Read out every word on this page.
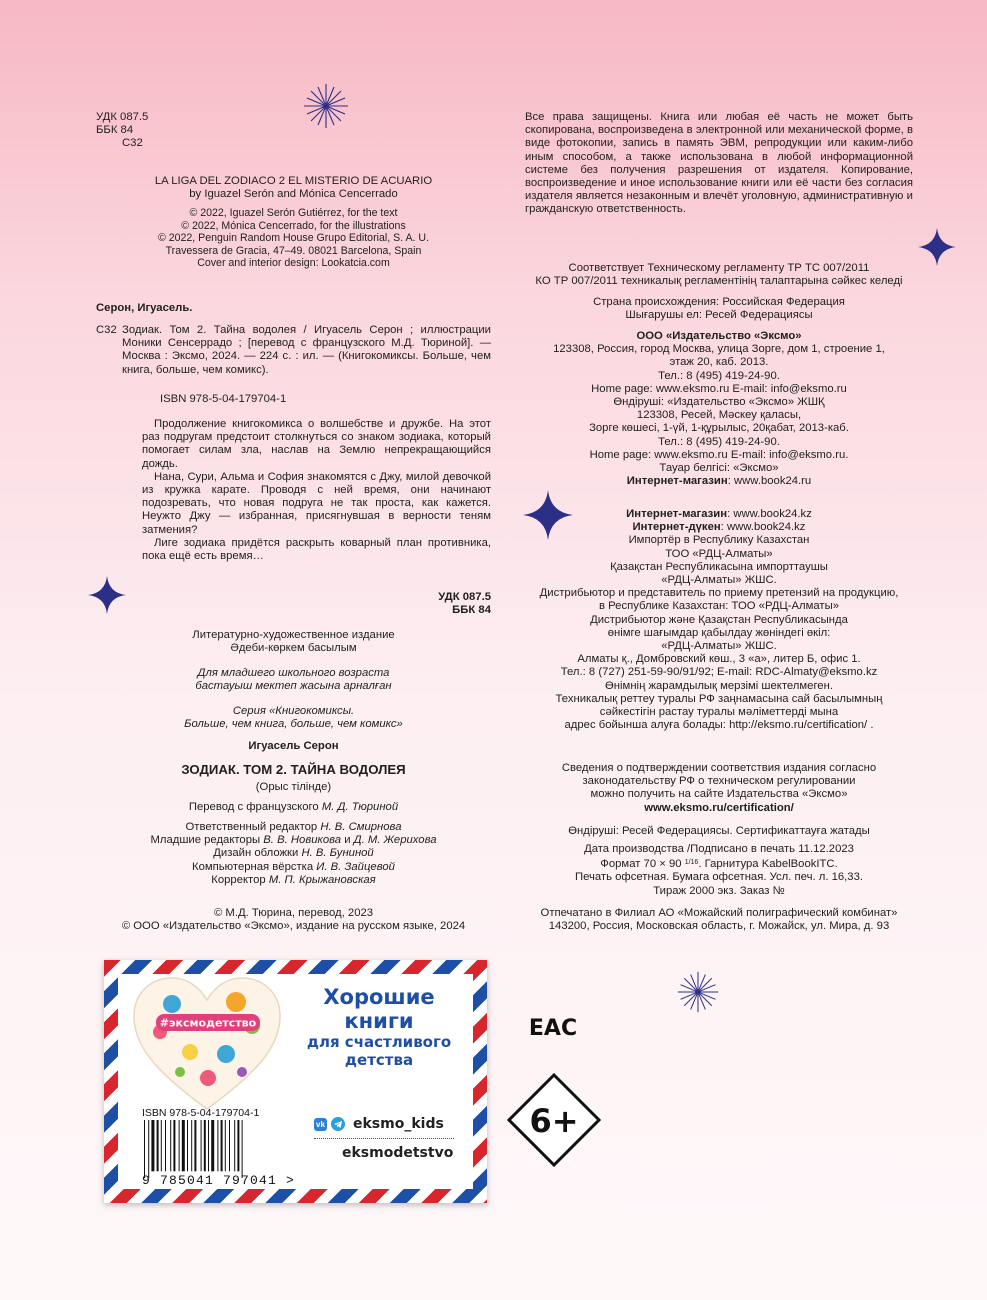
УДК 087.5

ББК 84

С32

LA LIGA DEL ZODIACO 2 EL MISTERIO DE ACUARIO

by Iguazel Serón and Mónica Cencerrado

© 2022, Iguazel Serón Gutiérrez, for the text

© 2022, Mónica Cencerrado, for the illustrations

© 2022, Penguin Random House Grupo Editorial, S. A. U.

Travessera de Gracia, 47–49. 08021 Barcelona, Spain

Cover and interior design: Lookatcia.com

Серон, Игуасель.
С32 Зодиак. Том 2. Тайна водолея / Игуасель Серон ; иллюстрации Моники Сенсеррадо ; [перевод с французского М.Д. Тюриной]. — Москва : Эксмо, 2024. — 224 с. : ил. — (Книгокомиксы. Больше, чем книга, больше, чем комикс).
ISBN 978-5-04-179704-1

Продолжение книгокомикса о волшебстве и дружбе. На этот раз подругам предстоит столкнуться со знаком зодиака, который помогает силам зла, наслав на Землю непрекращающийся дождь.

Нана, Сури, Альма и София знакомятся с Джу, милой девочкой из кружка карате. Проводя с ней время, они начинают подозревать, что новая подруга не так проста, как кажется. Неужто Джу — избранная, присягнувшая в верности теням затмения?

Лиге зодиака придётся раскрыть коварный план противника, пока ещё есть время…

УДК 087.5

ББК 84

Литературно-художественное издание

Әдеби-көркем басылым

Для младшего школьного возраста

бастауыш мектеп жасына арналған

Серия «Книгокомиксы.

Больше, чем книга, больше, чем комикс»

Игуасель Серон
ЗОДИАК. ТОМ 2. ТАЙНА ВОДОЛЕЯ
(Орыс тілінде)
Перевод с французского М. Д. Тюриной

Ответственный редактор Н. В. Смирнова

Младшие редакторы В. В. Новикова и Д. М. Жерихова

Дизайн обложки Н. В. Буниной

Компьютерная вёрстка И. В. Зайцевой

Корректор М. П. Крыжановская

© М.Д. Тюрина, перевод, 2023

© ООО «Издательство «Эксмо», издание на русском языке, 2024

Все права защищены. Книга или любая её часть не может быть скопирована, воспроизведена в электронной или механической форме, в виде фотокопии, запись в память ЭВМ, репродукции или каким-либо иным способом, а также использована в любой информационной системе без получения разрешения от издателя. Копирование, воспроизведение и иное использование книги или её части без согласия издателя является незаконным и влечёт уголовную, административную и гражданскую ответственность.

Соответствует Техническому регламенту ТР ТС 007/2011

КО ТР 007/2011 техникалық регламентінің талаптарына сәйкес келеді

Страна происхождения: Российская Федерация

Шығарушы ел: Ресей Федерациясы

ООО «Издательство «Эксмо»

123308, Россия, город Москва, улица Зорге, дом 1, строение 1,

этаж 20, каб. 2013.

Тел.: 8 (495) 419-24-90.

Home page: www.eksmo.ru E-mail: info@eksmo.ru

Өндіруші: «Издательство «Эксмо» ЖШҚ

123308, Ресей, Мәскеу қаласы,

Зорге көшесі, 1-үй, 1-құрылыс, 20қабат, 2013-каб.

Тел.: 8 (495) 419-24-90.

Home page: www.eksmo.ru E-mail: info@eksmo.ru.

Тауар белгісі: «Эксмо»

Интернет-магазин: www.book24.ru

Интернет-магазин: www.book24.kz

Интернет-дүкен: www.book24.kz

Импортёр в Республику Казахстан

ТОО «РДЦ-Алматы»

Қазақстан Республикасына импорттаушы

«РДЦ-Алматы» ЖШС.

Дистрибьютор и представитель по приему претензий на продукцию,

в Республике Казахстан: ТОО «РДЦ-Алматы»

Дистрибьютор және Қазақстан Республикасында

өнімге шағымдар қабылдау жөніндегі өкіл:

«РДЦ-Алматы» ЖШС.

Алматы қ., Домбровский көш., 3 «а», литер Б, офис 1.

Тел.: 8 (727) 251-59-90/91/92; E-mail: RDC-Almaty@eksmo.kz

Өнімнің жарамдылық мерзімі шектелмеген.

Техникалық реттеу туралы РФ заңнамасына сай басылымның

сәйкестігін растау туралы мәліметтерді мына

адрес бойынша алуға болады: http://eksmo.ru/certification/ .

Сведения о подтверждении соответствия издания согласно

законодательству РФ о техническом регулировании

можно получить на сайте Издательства «Эксмо»

www.eksmo.ru/certification/

Өндіруші: Ресей Федерациясы. Сертификаттауға жатады

Дата производства /Подписано в печать 11.12.2023

Формат 70 × 90 $^{1/16}$. Гарнитура KabelBookITC.

Печать офсетная. Бумага офсетная. Усл. печ. л. 16,33.

Тираж 2000 экз. Заказ №

Отпечатано в Филиал АО «Можайский полиграфический комбинат»

143200, Россия, Московская область, г. Можайск, ул. Мира, д. 93

#эксмодетство
Хорошие
книги
для счастливого
детства
ISBN 978-5-04-179704-1
9 785041 797041 >
vk eksmo_kids
eksmodetstvo
EAC
6+
